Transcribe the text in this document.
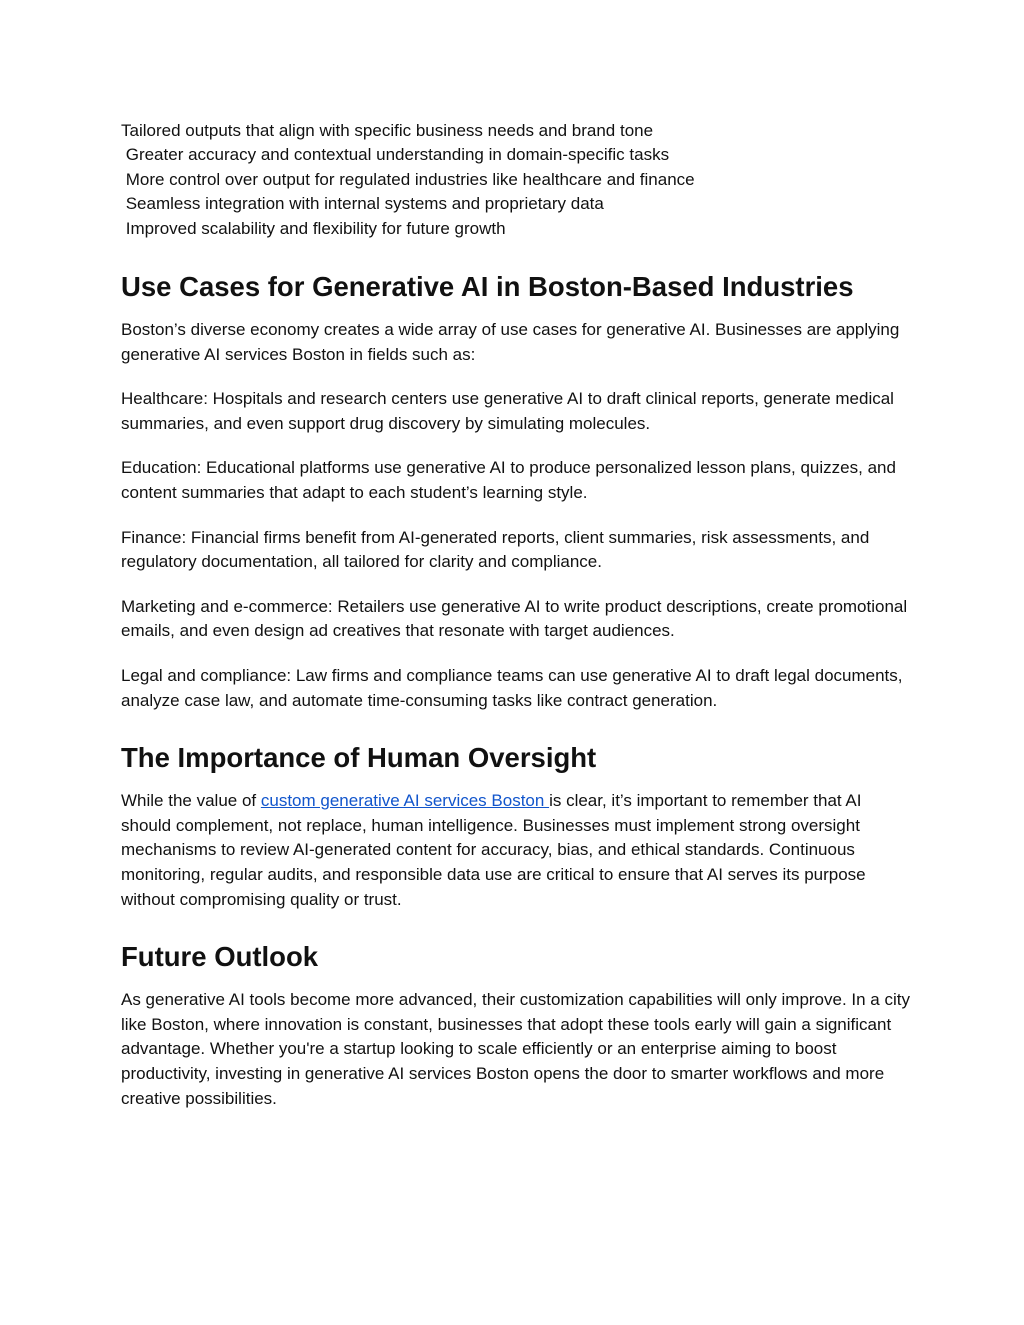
Tailored outputs that align with specific business needs and brand tone
Greater accuracy and contextual understanding in domain-specific tasks
More control over output for regulated industries like healthcare and finance
Seamless integration with internal systems and proprietary data
Improved scalability and flexibility for future growth
Use Cases for Generative AI in Boston-Based Industries

Boston’s diverse economy creates a wide array of use cases for generative AI. Businesses are applying generative AI services Boston in fields such as:

Healthcare: Hospitals and research centers use generative AI to draft clinical reports, generate medical summaries, and even support drug discovery by simulating molecules.

Education: Educational platforms use generative AI to produce personalized lesson plans, quizzes, and content summaries that adapt to each student’s learning style.

Finance: Financial firms benefit from AI-generated reports, client summaries, risk assessments, and regulatory documentation, all tailored for clarity and compliance.

Marketing and e-commerce: Retailers use generative AI to write product descriptions, create promotional emails, and even design ad creatives that resonate with target audiences.

Legal and compliance: Law firms and compliance teams can use generative AI to draft legal documents, analyze case law, and automate time-consuming tasks like contract generation.

The Importance of Human Oversight

While the value of custom generative AI services Boston is clear, it’s important to remember that AI should complement, not replace, human intelligence. Businesses must implement strong oversight mechanisms to review AI-generated content for accuracy, bias, and ethical standards. Continuous monitoring, regular audits, and responsible data use are critical to ensure that AI serves its purpose without compromising quality or trust.

Future Outlook

As generative AI tools become more advanced, their customization capabilities will only improve. In a city like Boston, where innovation is constant, businesses that adopt these tools early will gain a significant advantage. Whether you're a startup looking to scale efficiently or an enterprise aiming to boost productivity, investing in generative AI services Boston opens the door to smarter workflows and more creative possibilities.
